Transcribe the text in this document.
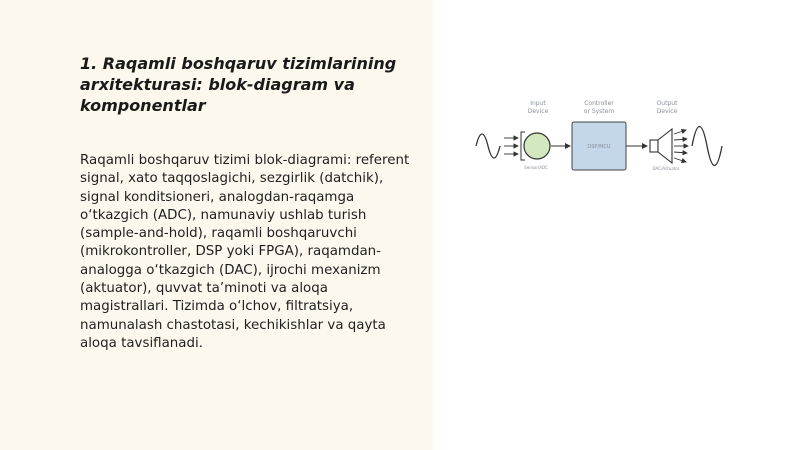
1. Raqamli boshqaruv tizimlarining arxitekturasi: blok-diagram va komponentlar

Raqamli boshqaruv tizimi blok-diagrami: referent signal, xato taqqoslagichi, sezgirlik (datchik), signal konditsioneri, analogdan-raqamga o‘tkazgich (ADC), namunaviy ushlab turish (sample-and-hold), raqamli boshqaruvchi (mikrokontroller, DSP yoki FPGA), raqamdan-analogga o‘tkazgich (DAC), ijrochi mexanizm (aktuator), quvvat ta’minoti va aloqa magistrallari. Tizimda o‘lchov, filtratsiya, namunalash chastotasi, kechikishlar va qayta aloqa tavsiflanadi.

Input
Device
Sensor/ADC
Controller
or System
DSP/MCU
Output
Device
DAC/Actuator
